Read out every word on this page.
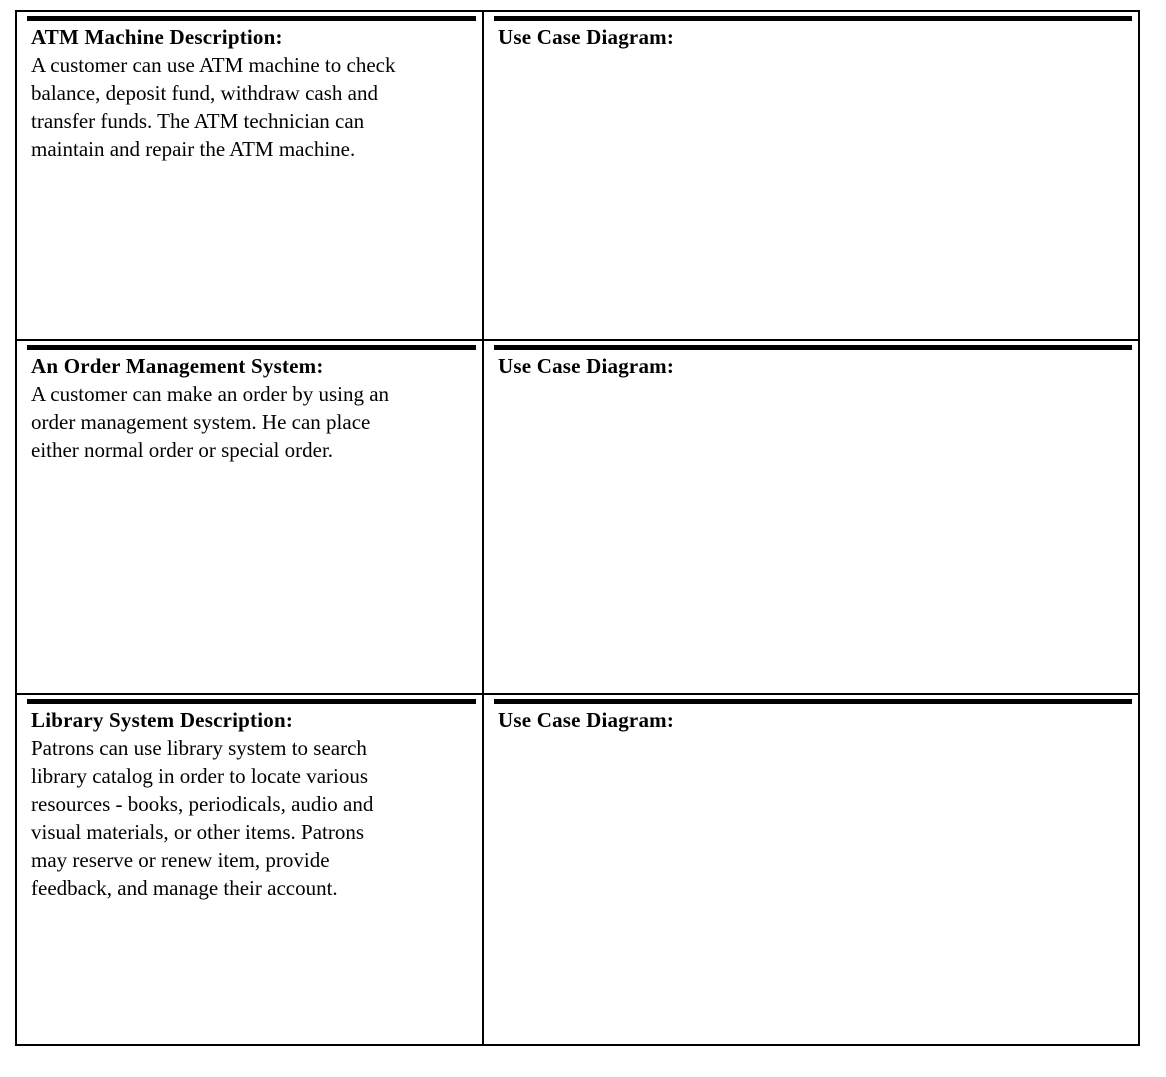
ATM Machine Description:

A customer can use ATM machine to check
balance, deposit fund, withdraw cash and
transfer funds. The ATM technician can
maintain and repair the ATM machine.

Use Case Diagram:

An Order Management System:

A customer can make an order by using an
order management system. He can place
either normal order or special order.

Use Case Diagram:

Library System Description:

Patrons can use library system to search
library catalog in order to locate various
resources - books, periodicals, audio and
visual materials, or other items. Patrons
may reserve or renew item, provide
feedback, and manage their account.

Use Case Diagram:
